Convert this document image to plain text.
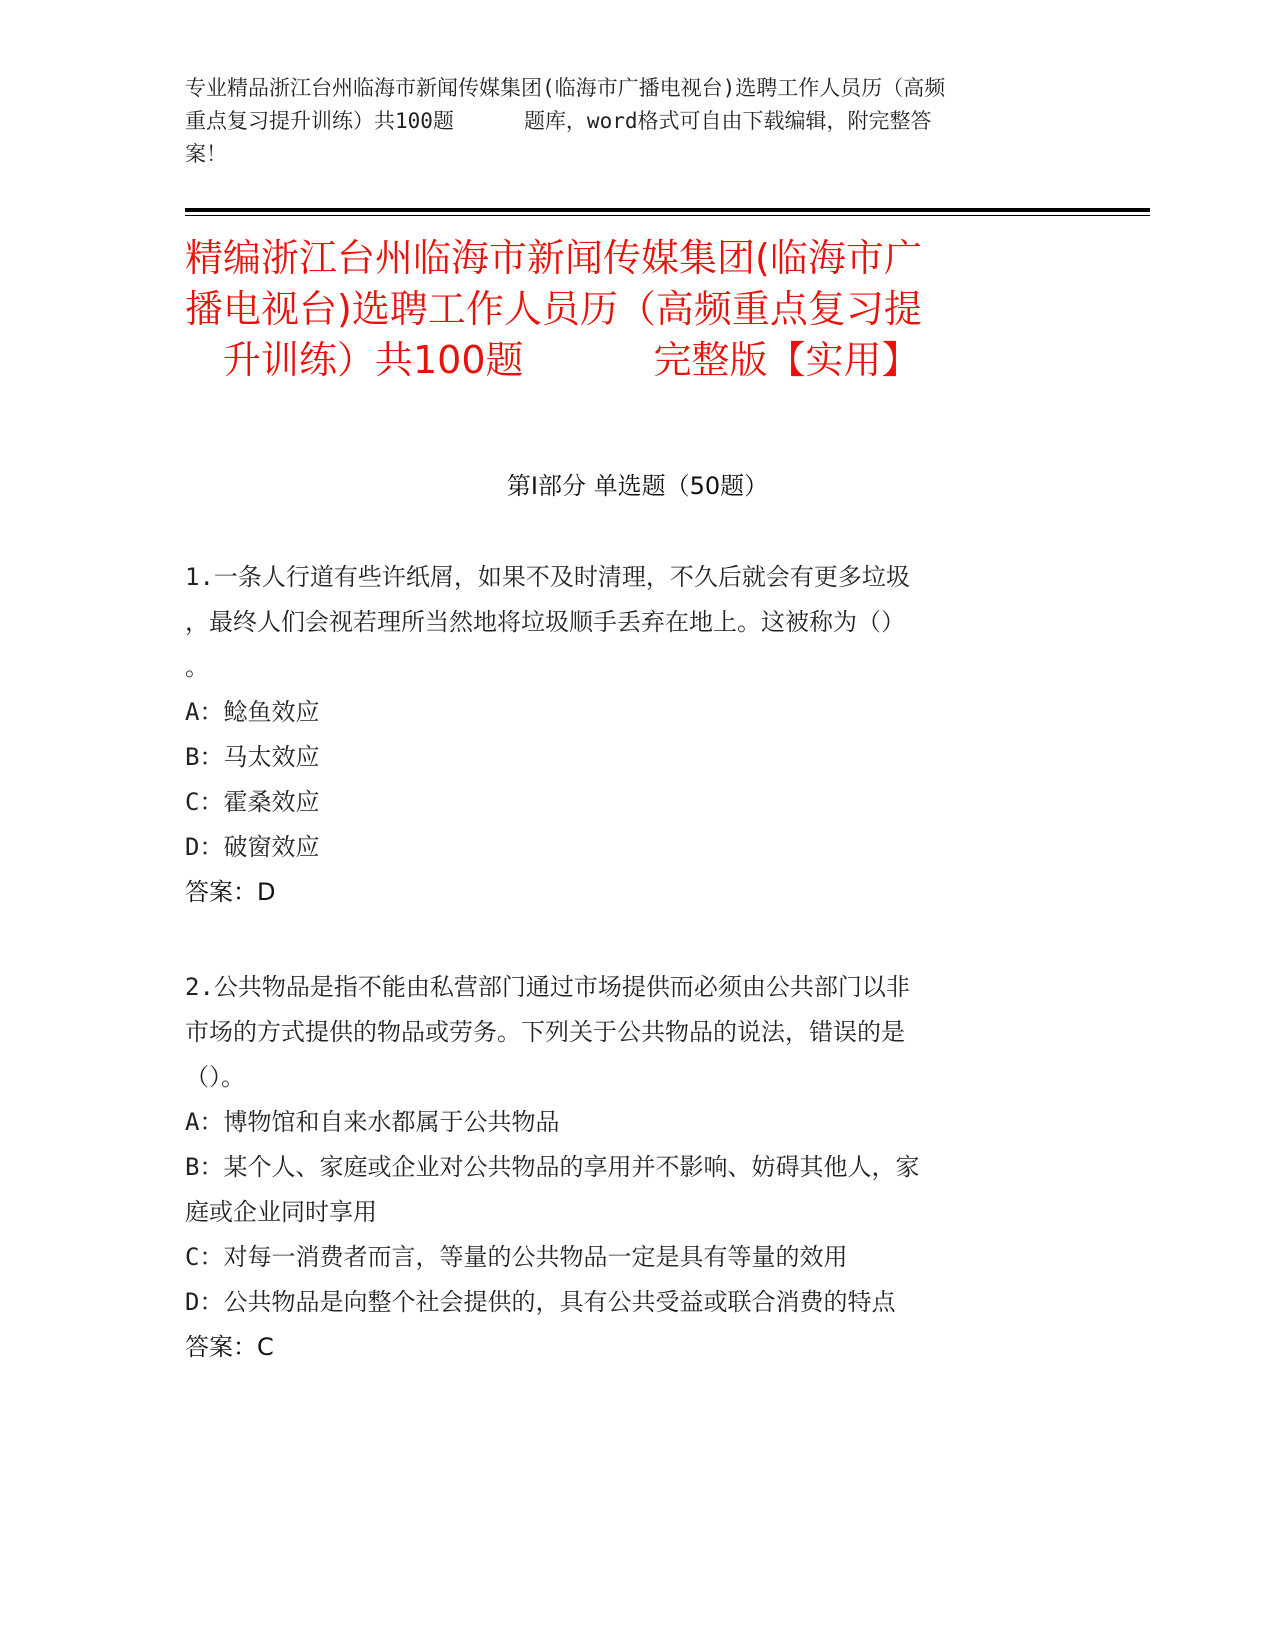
专业精品浙江台州临海市新闻传媒集团(临海市广播电视台)选聘工作人员历（高频
重点复习提升训练）共100题	题库，word格式可自由下载编辑，附完整答
案！
精编浙江台州临海市新闻传媒集团(临海市广
播电视台)选聘工作人员历（高频重点复习提
升训练）共100题	完整版【实用】
第Ⅰ部分 单选题（50题）
1.一条人行道有些许纸屑，如果不及时清理，不久后就会有更多垃圾
，最终人们会视若理所当然地将垃圾顺手丢弃在地上。这被称为（）
。
A：鲶鱼效应
B：马太效应
C：霍桑效应
D：破窗效应
答案：D
2.公共物品是指不能由私营部门通过市场提供而必须由公共部门以非
市场的方式提供的物品或劳务。下列关于公共物品的说法，错误的是
（）。
A：博物馆和自来水都属于公共物品
B：某个人、家庭或企业对公共物品的享用并不影响、妨碍其他人，家
庭或企业同时享用
C：对每一消费者而言，等量的公共物品一定是具有等量的效用
D：公共物品是向整个社会提供的，具有公共受益或联合消费的特点
答案：C
